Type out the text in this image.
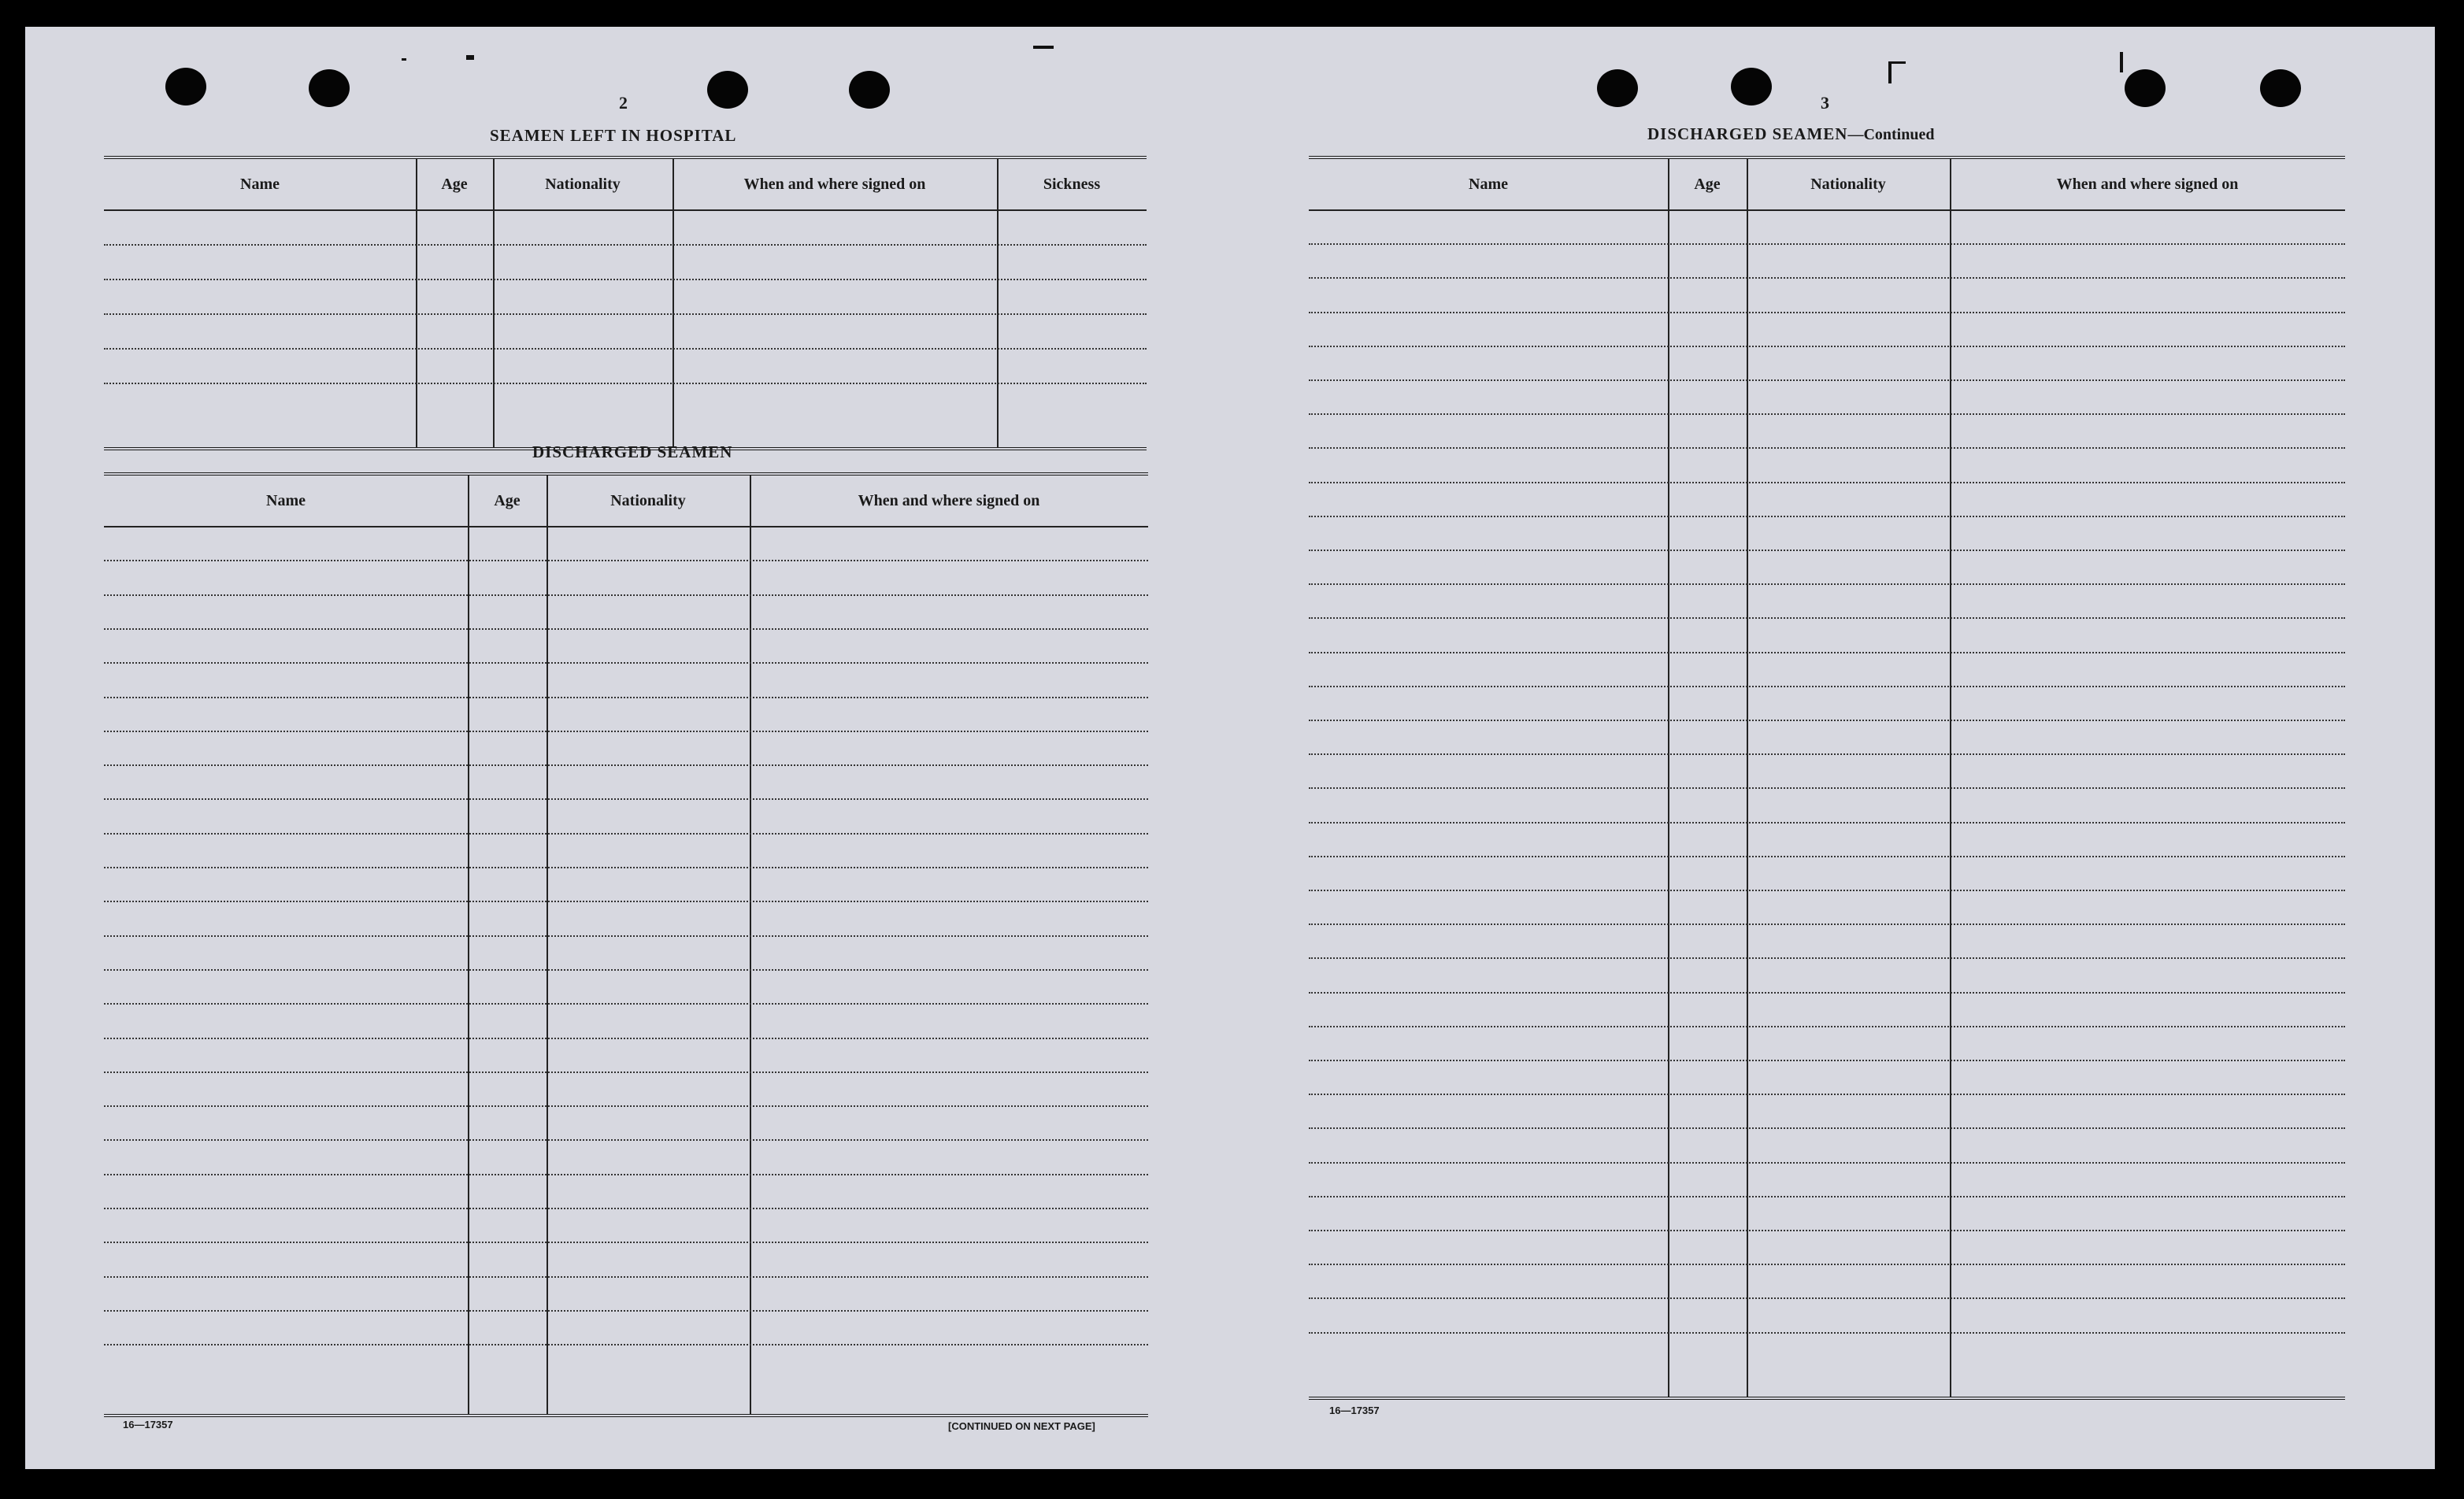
2
SEAMEN LEFT IN HOSPITAL
Name	Age	Nationality	When and where signed on	Sickness
DISCHARGED SEAMEN
Name	Age	Nationality	When and where signed on
16—17357	[CONTINUED ON NEXT PAGE]
3
DISCHARGED SEAMEN—Continued
Name	Age	Nationality	When and where signed on
16—17357
